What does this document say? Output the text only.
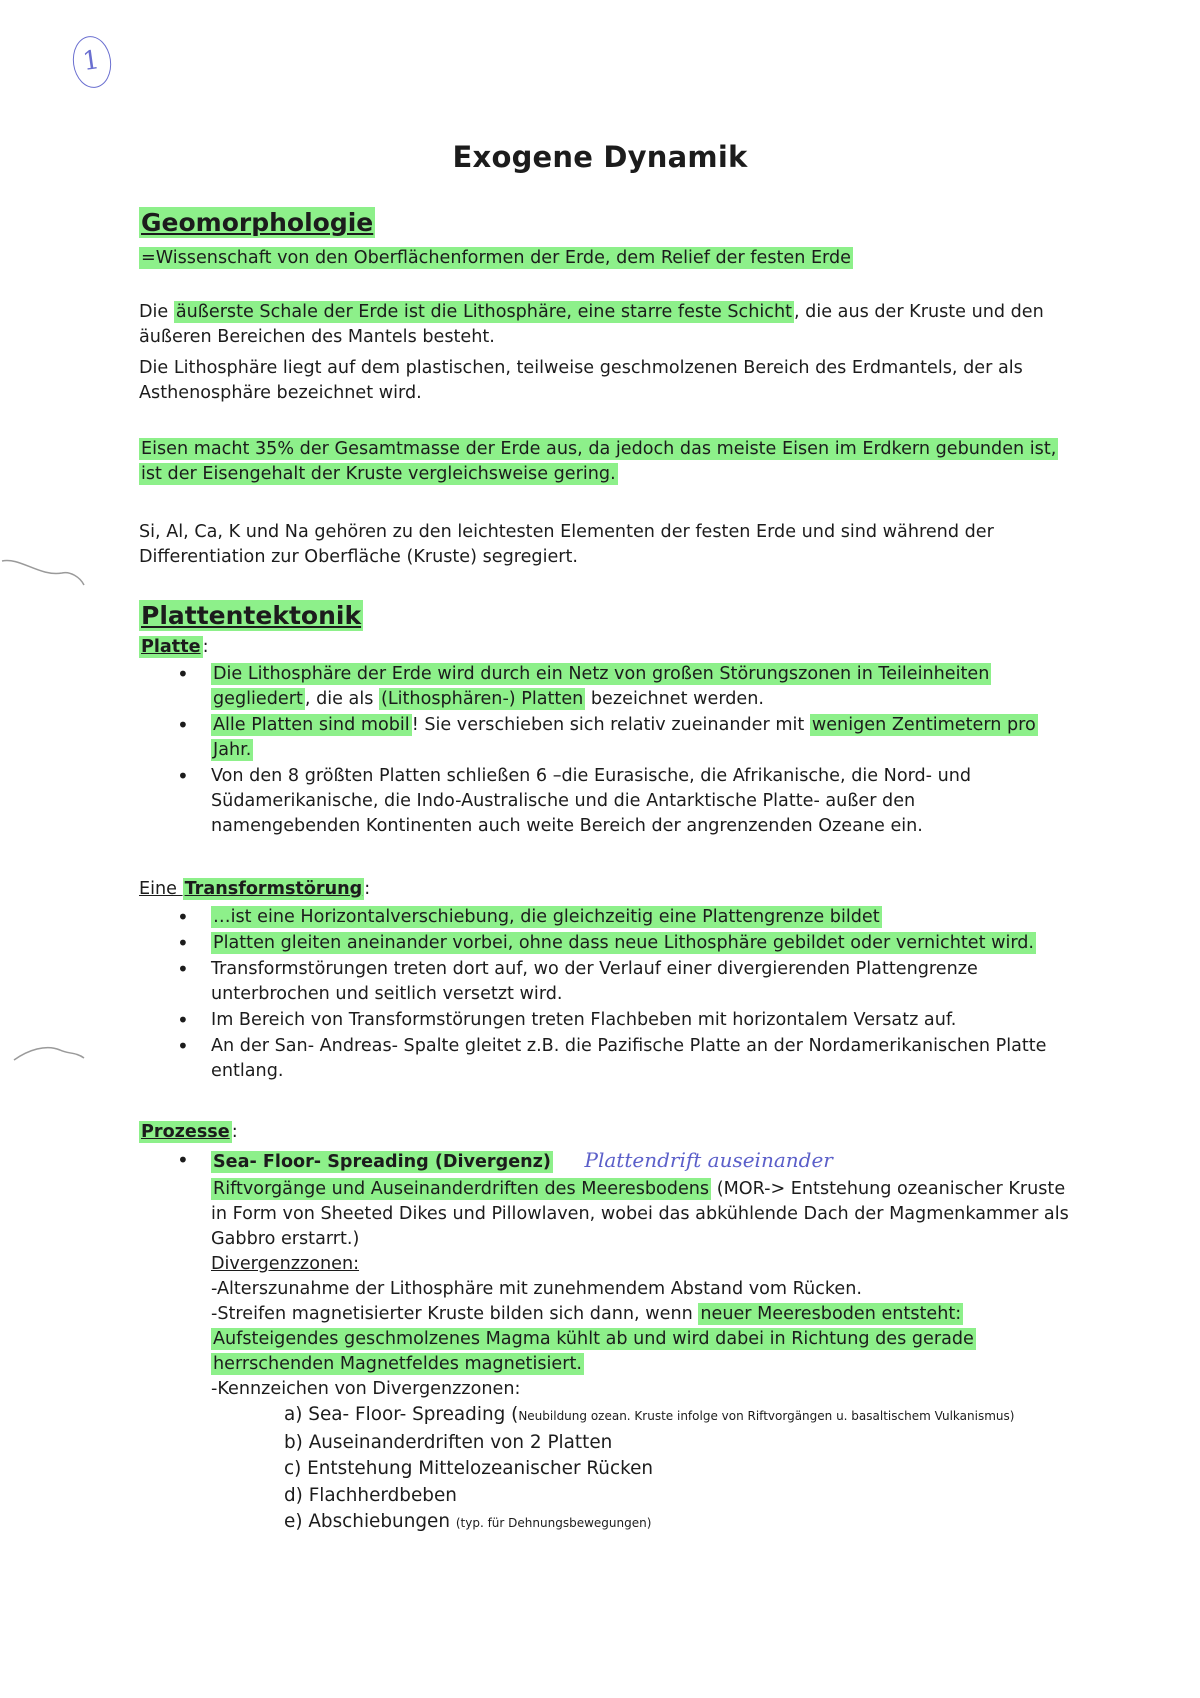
1
Exogene Dynamik
Geomorphologie
=Wissenschaft von den Oberflächenformen der Erde, dem Relief der festen Erde
Die äußerste Schale der Erde ist die Lithosphäre, eine starre feste Schicht , die aus der Kruste und den äußeren Bereichen des Mantels besteht.
Die Lithosphäre liegt auf dem plastischen, teilweise geschmolzenen Bereich des Erdmantels, der als Asthenosphäre bezeichnet wird.
Eisen macht 35% der Gesamtmasse der Erde aus, da jedoch das meiste Eisen im Erdkern gebunden ist, ist der Eisengehalt der Kruste vergleichsweise gering.
Si, Al, Ca, K und Na gehören zu den leichtesten Elementen der festen Erde und sind während der Differentiation zur Oberfläche (Kruste) segregiert.
Plattentektonik
Platte :
• Die Lithosphäre der Erde wird durch ein Netz von großen Störungszonen in Teileinheiten gegliedert , die als (Lithosphären-) Platten bezeichnet werden.
• Alle Platten sind mobil ! Sie verschieben sich relativ zueinander mit wenigen Zentimetern pro Jahr.
• Von den 8 größten Platten schließen 6 –die Eurasische, die Afrikanische, die Nord- und Südamerikanische, die Indo-Australische und die Antarktische Platte- außer den namengebenden Kontinenten auch weite Bereich der angrenzenden Ozeane ein.
Eine Transformstörung :
• …ist eine Horizontalverschiebung, die gleichzeitig eine Plattengrenze bildet
• Platten gleiten aneinander vorbei, ohne dass neue Lithosphäre gebildet oder vernichtet wird.
• Transformstörungen treten dort auf, wo der Verlauf einer divergierenden Plattengrenze unterbrochen und seitlich versetzt wird.
• Im Bereich von Transformstörungen treten Flachbeben mit horizontalem Versatz auf.
• An der San- Andreas- Spalte gleitet z.B. die Pazifische Platte an der Nordamerikanischen Platte entlang.
Prozesse :
• Sea- Floor- Spreading (Divergenz) Plattendrift auseinander
Riftvorgänge und Auseinanderdriften des Meeresbodens (MOR-> Entstehung ozeanischer Kruste in Form von Sheeted Dikes und Pillowlaven, wobei das abkühlende Dach der Magmenkammer als Gabbro erstarrt.)
Divergenzzonen:
-Alterszunahme der Lithosphäre mit zunehmendem Abstand vom Rücken.
-Streifen magnetisierter Kruste bilden sich dann, wenn neuer Meeresboden entsteht: Aufsteigendes geschmolzenes Magma kühlt ab und wird dabei in Richtung des gerade herrschenden Magnetfeldes magnetisiert.
-Kennzeichen von Divergenzzonen:
a) Sea- Floor- Spreading (Neubildung ozean. Kruste infolge von Riftvorgängen u. basaltischem Vulkanismus)
b) Auseinanderdriften von 2 Platten
c) Entstehung Mittelozeanischer Rücken
d) Flachherdbeben
e) Abschiebungen (typ. für Dehnungsbewegungen)
